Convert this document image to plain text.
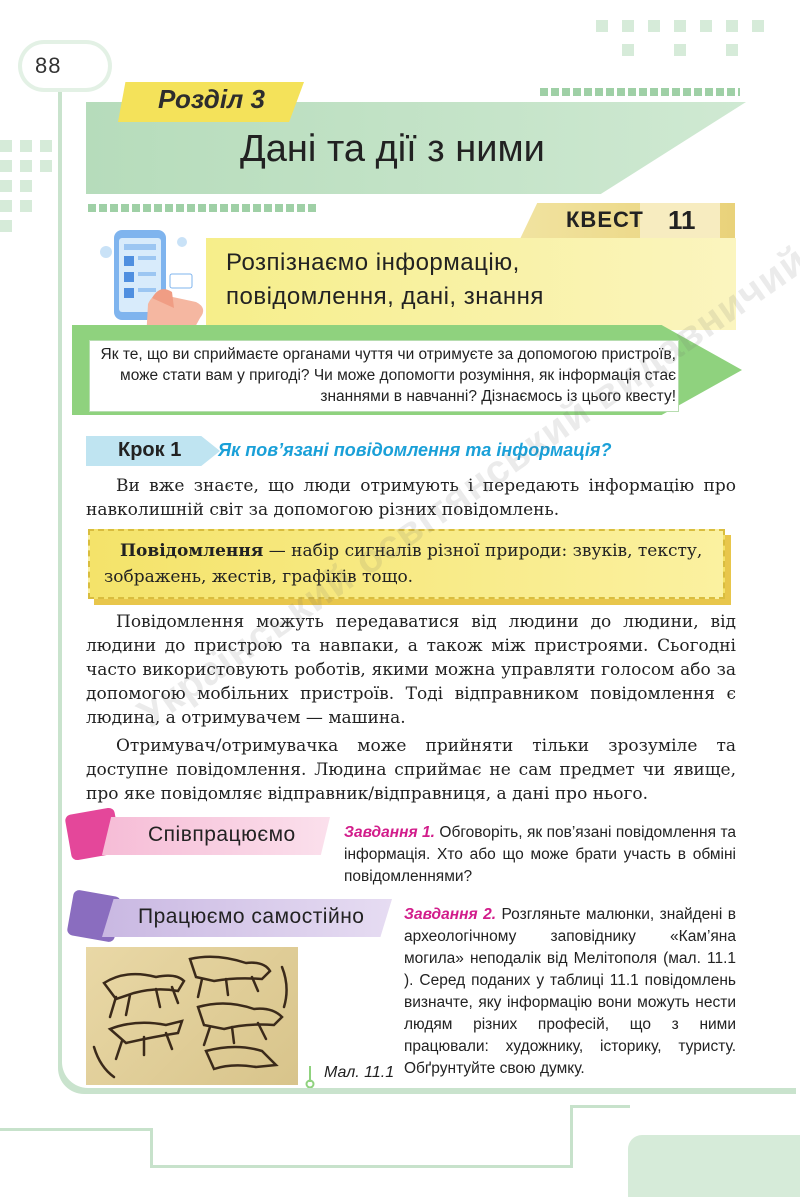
88
Розділ 3
Дані та дії з ними
КВЕСТ 11
Розпізнаємо інформацію,
повідомлення, дані, знання
Як те, що ви сприймаєте органами чуття чи отримуєте за допомогою пристроїв, може стати вам у пригоді? Чи може допомогти розуміння, як інформація стає знаннями в навчанні? Дізнаємось із цього квесту!
Крок 1 Як пов’язані повідомлення та інформація?
Ви вже знаєте, що люди отримують і передають інформацію про навколишній світ за допомогою різних повідомлень.
Повідомлення — набір сигналів різної природи: звуків, тексту, зображень, жестів, графіків тощо.
Повідомлення можуть передаватися від людини до людини, від людини до пристрою та навпаки, а також між пристроями. Сьогодні часто використовують роботів, якими можна управляти голосом або за допомогою мобільних пристроїв. Тоді відправником повідомлення є людина, а отримувачем — машина.
Отримувач/отримувачка може прийняти тільки зрозуміле та доступне повідомлення. Людина сприймає не сам предмет чи явище, про яке повідомляє відправник/відправниця, а дані про нього.
Співпрацюємо	Завдання 1. Обговоріть, як пов’язані повідомлення та інформація. Хто або що може брати участь в обміні повідомленнями?
Працюємо самостійно	Завдання 2. Розгляньте малюнки, знайдені в археологічному заповіднику «Кам’яна могила» неподалік від Мелітополя (мал. 11.1 ). Серед поданих у таблиці 11.1 повідомлень визначте, яку інформацію вони можуть нести людям різних професій, що з ними працювали: художнику, історику, туристу. Обґрунтуйте свою думку.
Мал. 11.1
Український освітянський видавничий
